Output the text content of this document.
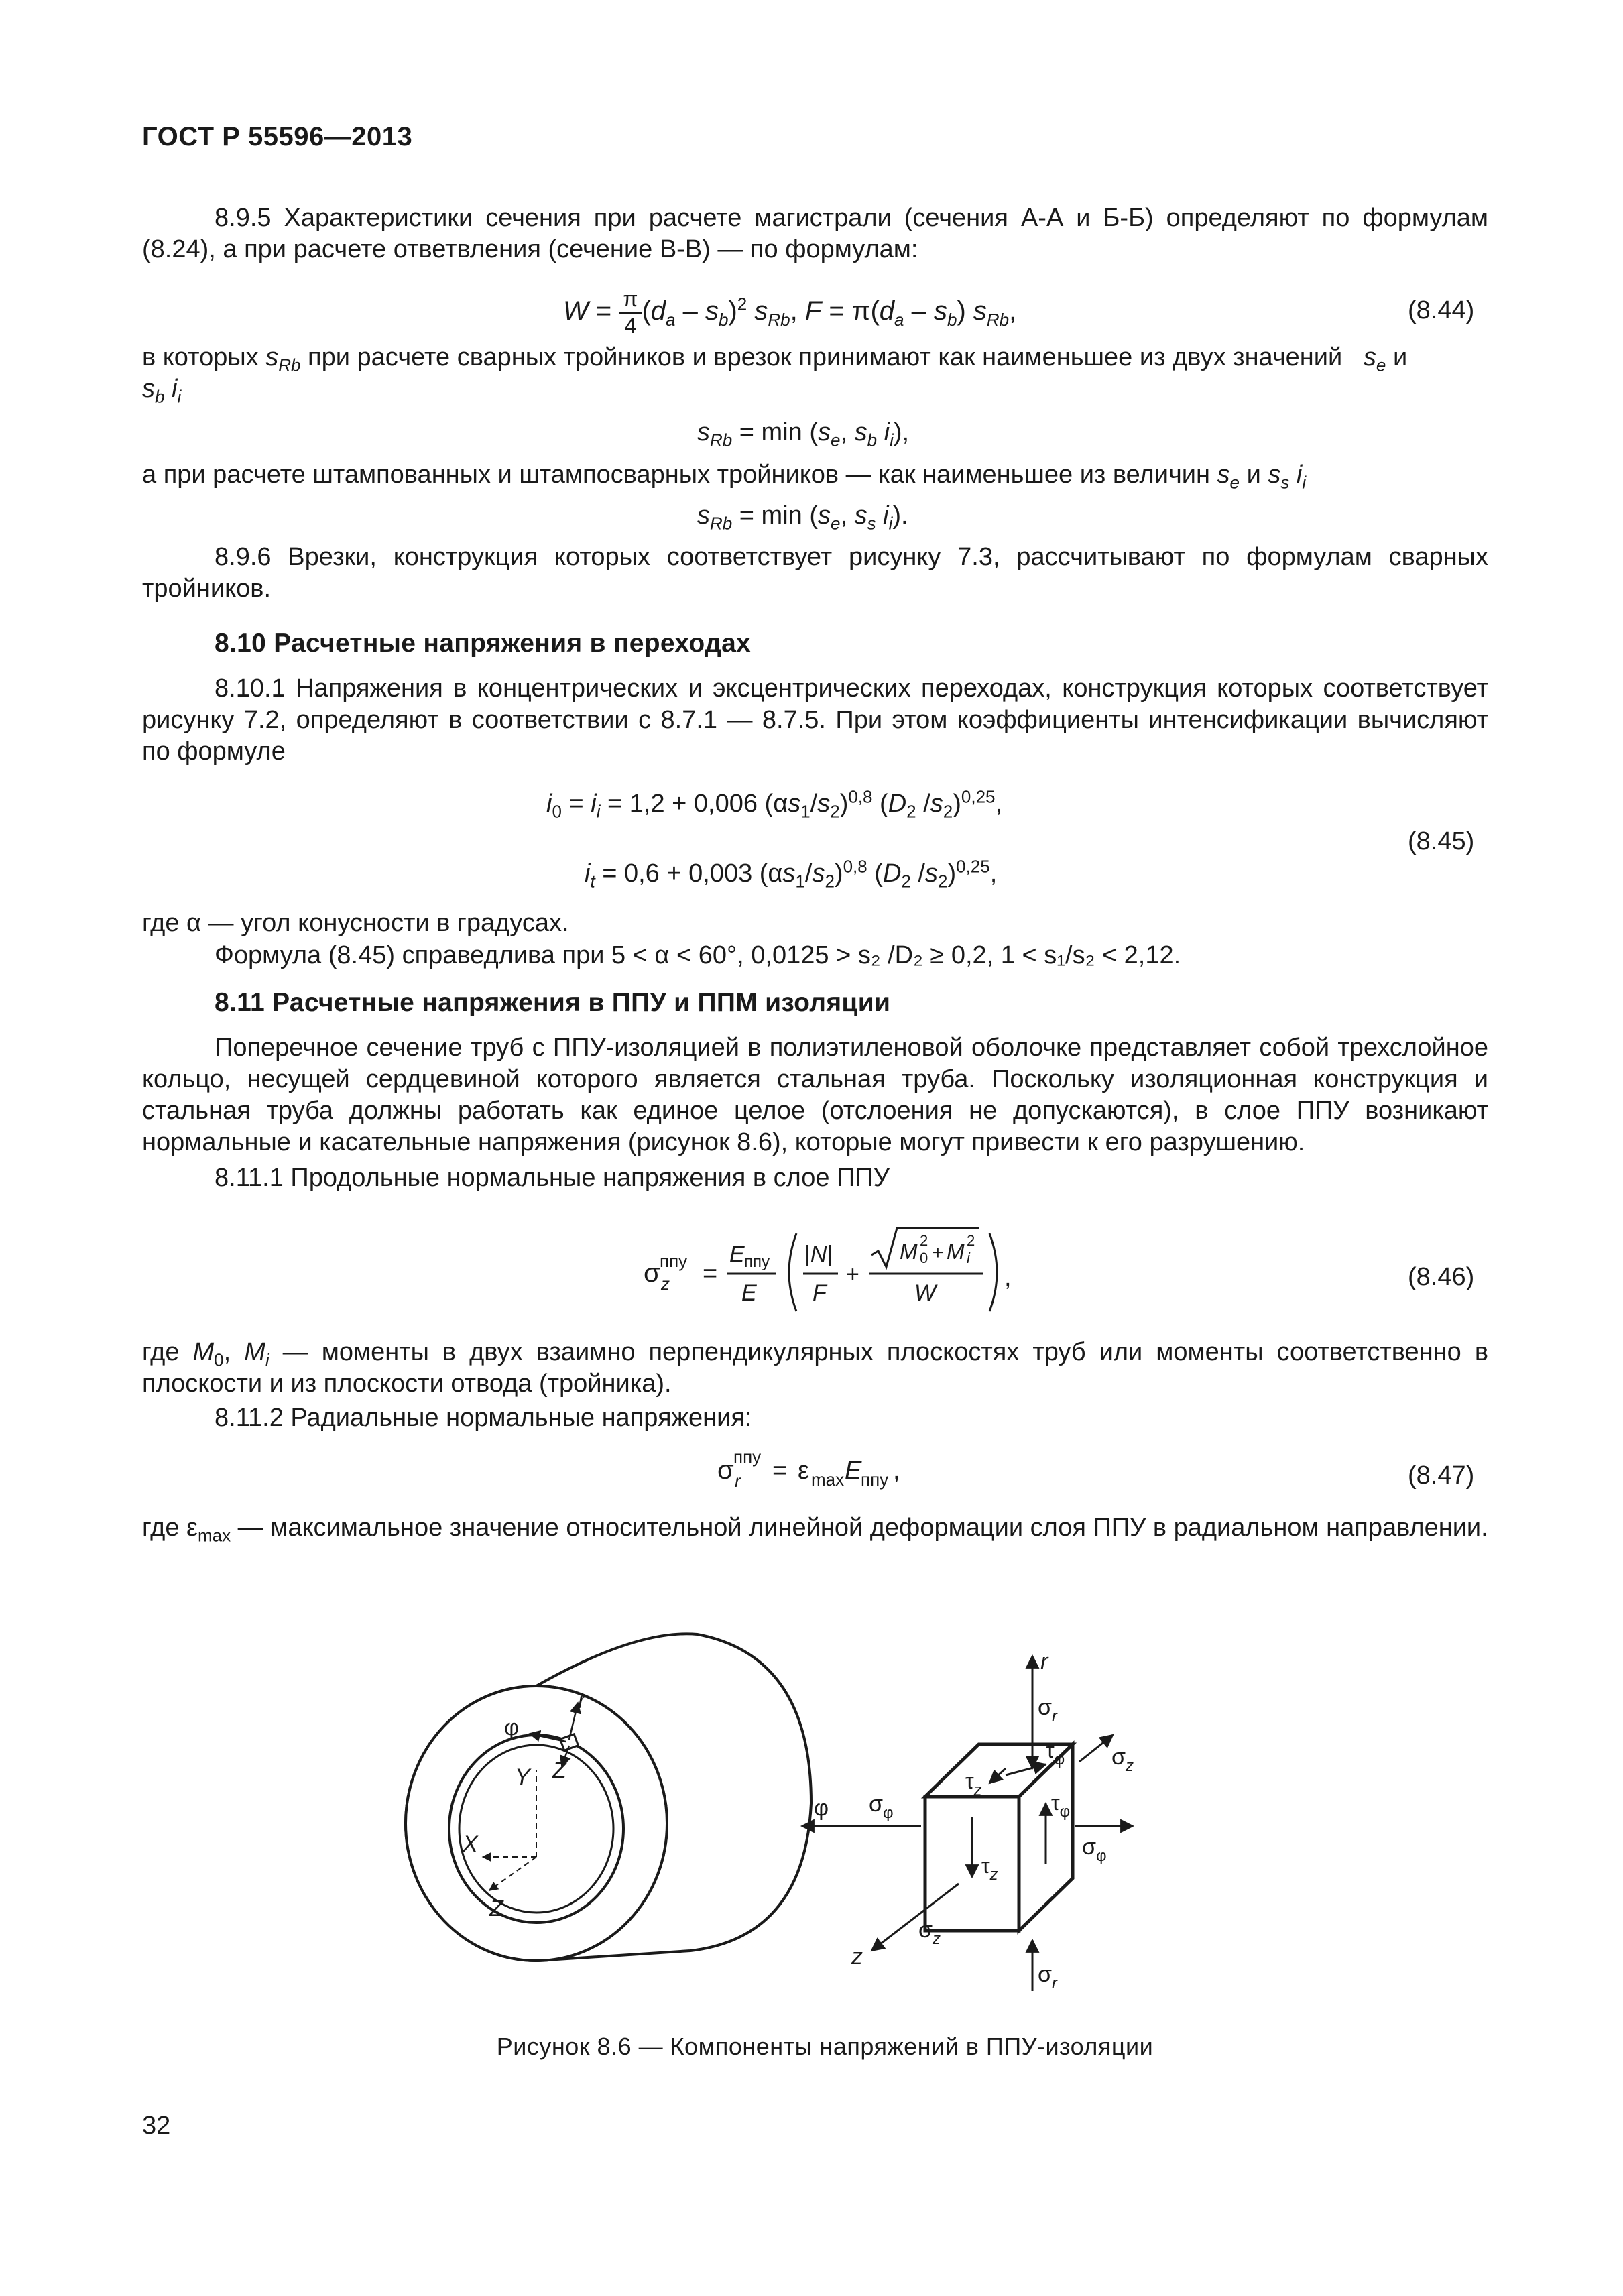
ГОСТ Р 55596—2013
8.9.5 Характеристики сечения при расчете магистрали (сечения А-А и Б-Б) определяют по формулам (8.24), а при расчете ответвления (сечение В-В) — по формулам:
$W = \frac{\pi}{4} (d_a - s_b)^2$ $s_{Rb}$, $F = \pi(d_a - s_b)$ $s_{Rb}$,	(8.44)
в которых $s_{Rb}$ при расчете сварных тройников и врезок принимают как наименьшее из двух значений $s_e$ и
$s_b$ $i_i$
$s_{Rb} = \min (s_e$, $s_b$ $i_i$),
а при расчете штампованных и штампосварных тройников — как наименьшее из величин $s_e$ и $s_s$ $i_i$
$s_{Rb} = \min (s_e$, $s_s$ $i_i$).
8.9.6 Врезки, конструкция которых соответствует рисунку 7.3, рассчитывают по формулам сварных тройников.
8.10 Расчетные напряжения в переходах
8.10.1 Напряжения в концентрических и эксцентрических переходах, конструкция которых соответствует рисунку 7.2, определяют в соответствии с 8.7.1 — 8.7.5. При этом коэффициенты интенсификации вычисляют по формуле
$i_0 = i_i = 1,2 + 0,006$ $(\alpha s_1/s_2)^{0,8}$ ($D_2$ $/s_2)^{0,25}$,
$i_t = 0,6 + 0,003$ $(\alpha s_1/s_2)^{0,8}$ ($D_2$ $/s_2)^{0,25}$,
(8.45)
где α — угол конусности в градусах.
Формула (8.45) справедлива при 5 < α < 60°, 0,0125 > s₂ /D₂ ≥ 0,2, 1 < s₁/s₂ < 2,12.
8.11 Расчетные напряжения в ППУ и ППМ изоляции
Поперечное сечение труб с ППУ-изоляцией в полиэтиленовой оболочке представляет собой трехслойное кольцо, несущей сердцевиной которого является стальная труба. Поскольку изоляционная конструкция и стальная труба должны работать как единое целое (отслоения не допускаются), в слое ППУ возникают нормальные и касательные напряжения (рисунок 8.6), которые могут привести к его разрушению.
8.11.1 Продольные нормальные напряжения в слое ППУ
σ ппу
z =
E ппу
E
|N|
F
+
M 0
2
+ M i
2
W
,	(8.46)
где $M_0$, $M_i$ — моменты в двух взаимно перпендикулярных плоскостях труб или моменты соответственно в плоскости и из плоскости отвода (тройника).
8.11.2 Радиальные нормальные напряжения:
σ ппу
r = ε max E
ппу ,	(8.47)
где $\varepsilon_{max}$ — максимальное значение относительной линейной деформации слоя ППУ в радиальном направлении.
r
φ
Y Z
X
Z
r
$\sigma_r$
$\tau_\varphi$
$\tau_z$
$\sigma_z$
$\tau_\varphi$
$\sigma_\varphi$
φ $\sigma_\varphi$
$\tau_z$
z
$\sigma_z$
$\sigma_r$
Рисунок 8.6 — Компоненты напряжений в ППУ-изоляции
32
